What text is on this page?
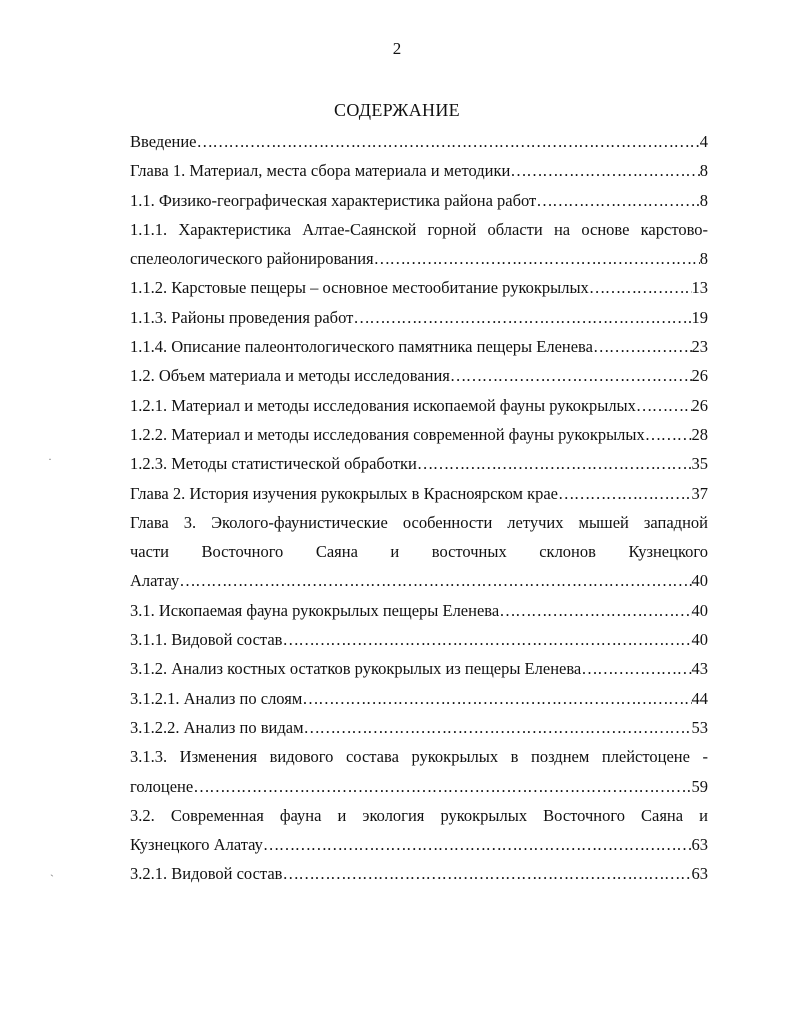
2
СОДЕРЖАНИЕ
·
`
Введение ……………………………………………………………………………………………………………………………………………………………………………………	4
Глава 1. Материал, места сбора материала и методики ……………………………………………………………………………………………………………………………………………………………………………………	8
1.1. Физико-географическая характеристика района работ ……………………………………………………………………………………………………………………………………………………………………………………	8
1.1.1. Характеристика Алтае-Саянской горной области на основе карстово-
спелеологического районирования ……………………………………………………………………………………………………………………………………………………………………………………	8
1.1.2. Карстовые пещеры – основное местообитание рукокрылых ……………………………………………………………………………………………………………………………………………………………………………………	13
1.1.3. Районы проведения работ ……………………………………………………………………………………………………………………………………………………………………………………	19
1.1.4. Описание палеонтологического памятника пещеры Еленева ……………………………………………………………………………………………………………………………………………………………………………………	23
1.2. Объем материала и методы исследования ……………………………………………………………………………………………………………………………………………………………………………………	26
1.2.1. Материал и методы исследования ископаемой фауны рукокрылых ……………………………………………………………………………………………………………………………………………………………………………………	26
1.2.2. Материал и методы исследования современной фауны рукокрылых ……………………………………………………………………………………………………………………………………………………………………………………	28
1.2.3. Методы статистической обработки ……………………………………………………………………………………………………………………………………………………………………………………	35
Глава 2. История изучения рукокрылых в Красноярском крае ……………………………………………………………………………………………………………………………………………………………………………………	37
Глава 3. Эколого-фаунистические особенности летучих мышей западной
части Восточного Саяна и восточных склонов Кузнецкого
Алатау ……………………………………………………………………………………………………………………………………………………………………………………	40
3.1. Ископаемая фауна рукокрылых пещеры Еленева ……………………………………………………………………………………………………………………………………………………………………………………	40
3.1.1. Видовой состав ……………………………………………………………………………………………………………………………………………………………………………………	40
3.1.2. Анализ костных остатков рукокрылых из пещеры Еленева ……………………………………………………………………………………………………………………………………………………………………………………	43
3.1.2.1. Анализ по слоям ……………………………………………………………………………………………………………………………………………………………………………………	44
3.1.2.2. Анализ по видам ……………………………………………………………………………………………………………………………………………………………………………………	53
3.1.3. Изменения видового состава рукокрылых в позднем плейстоцене -
голоцене ……………………………………………………………………………………………………………………………………………………………………………………	59
3.2. Современная фауна и экология рукокрылых Восточного Саяна и
Кузнецкого Алатау ……………………………………………………………………………………………………………………………………………………………………………………	63
3.2.1. Видовой состав ……………………………………………………………………………………………………………………………………………………………………………………	63
